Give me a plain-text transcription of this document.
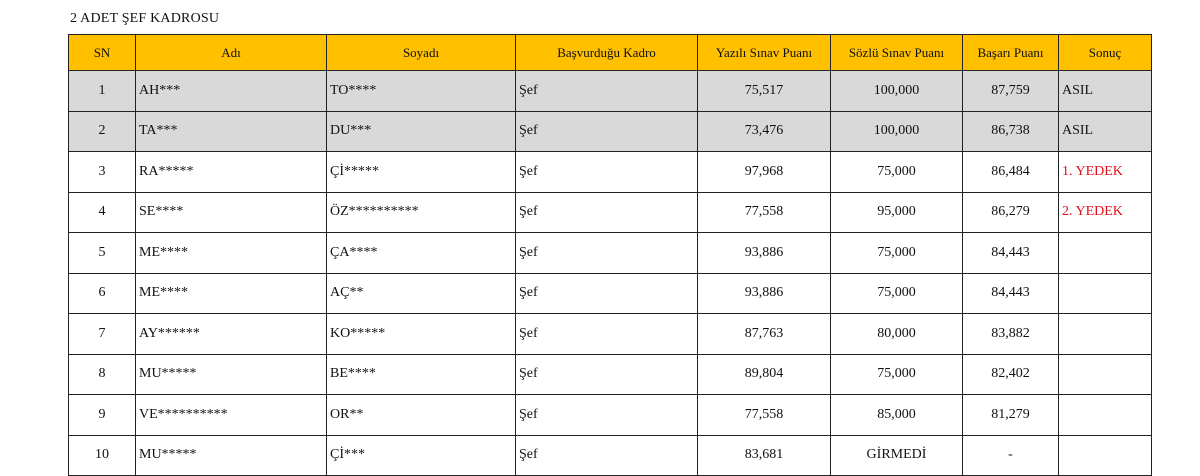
2 ADET ŞEF KADROSU
SN	Adı	Soyadı	Başvurduğu Kadro	Yazılı Sınav Puanı	Sözlü Sınav Puanı	Başarı Puanı	Sonuç
1	AH***	TO****	Şef	75,517	100,000	87,759	ASIL
2	TA***	DU***	Şef	73,476	100,000	86,738	ASIL
3	RA*****	Çİ*****	Şef	97,968	75,000	86,484	1. YEDEK
4	SE****	ÖZ**********	Şef	77,558	95,000	86,279	2. YEDEK
5	ME****	ÇA****	Şef	93,886	75,000	84,443	
6	ME****	AÇ**	Şef	93,886	75,000	84,443	
7	AY******	KO*****	Şef	87,763	80,000	83,882	
8	MU*****	BE****	Şef	89,804	75,000	82,402	
9	VE**********	OR**	Şef	77,558	85,000	81,279	
10	MU*****	Çİ***	Şef	83,681	GİRMEDİ	-	
